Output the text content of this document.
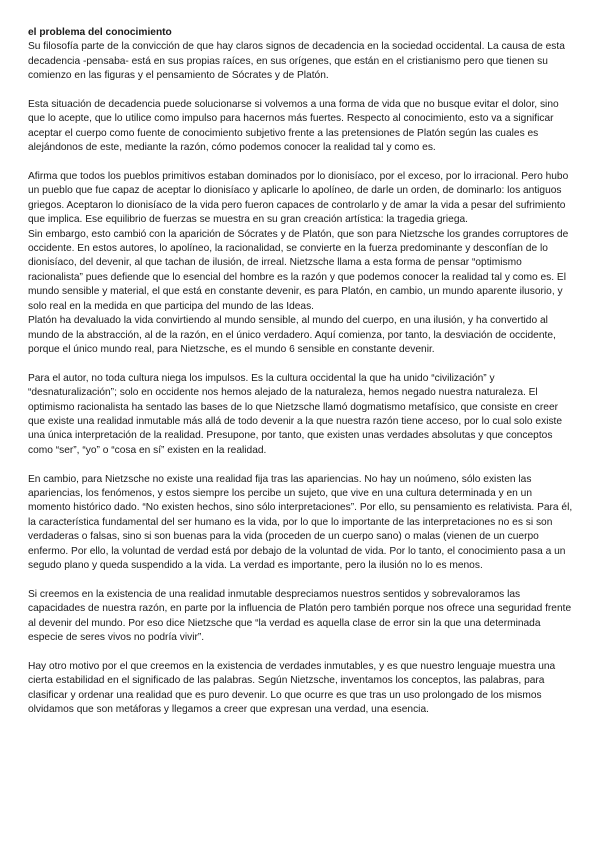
el problema del conocimiento

Su filosofía parte de la convicción de que hay claros signos de decadencia en la sociedad occidental. La causa de esta decadencia -pensaba- está en sus propias raíces, en sus orígenes, que están en el cristianismo pero que tienen su comienzo en las figuras y el pensamiento de Sócrates y de Platón.

Esta situación de decadencia puede solucionarse si volvemos a una forma de vida que no busque evitar el dolor, sino que lo acepte, que lo utilice como impulso para hacernos más fuertes. Respecto al conocimiento, esto va a significar aceptar el cuerpo como fuente de conocimiento subjetivo frente a las pretensiones de Platón según las cuales es alejándonos de este, mediante la razón, cómo podemos conocer la realidad tal y como es.

Afirma que todos los pueblos primitivos estaban dominados por lo dionisíaco, por el exceso, por lo irracional. Pero hubo un pueblo que fue capaz de aceptar lo dionisíaco y aplicarle lo apolíneo, de darle un orden, de dominarlo: los antiguos griegos. Aceptaron lo dionisíaco de la vida pero fueron capaces de controlarlo y de amar la vida a pesar del sufrimiento que implica. Ese equilibrio de fuerzas se muestra en su gran creación artística: la tragedia griega.

Sin embargo, esto cambió con la aparición de Sócrates y de Platón, que son para Nietzsche los grandes corruptores de occidente. En estos autores, lo apolíneo, la racionalidad, se convierte en la fuerza predominante y desconfían de lo dionisíaco, del devenir, al que tachan de ilusión, de irreal. Nietzsche llama a esta forma de pensar “optimismo racionalista” pues defiende que lo esencial del hombre es la razón y que podemos conocer la realidad tal y como es. El mundo sensible y material, el que está en constante devenir, es para Platón, en cambio, un mundo aparente ilusorio, y solo real en la medida en que participa del mundo de las Ideas.

Platón ha devaluado la vida convirtiendo al mundo sensible, al mundo del cuerpo, en una ilusión, y ha convertido al mundo de la abstracción, al de la razón, en el único verdadero. Aquí comienza, por tanto, la desviación de occidente, porque el único mundo real, para Nietzsche, es el mundo 6 sensible en constante devenir.

Para el autor, no toda cultura niega los impulsos. Es la cultura occidental la que ha unido “civilización” y “desnaturalización”; solo en occidente nos hemos alejado de la naturaleza, hemos negado nuestra naturaleza. El optimismo racionalista ha sentado las bases de lo que Nietzsche llamó dogmatismo metafísico, que consiste en creer que existe una realidad inmutable más allá de todo devenir a la que nuestra razón tiene acceso, por lo cual solo existe una única interpretación de la realidad. Presupone, por tanto, que existen unas verdades absolutas y que conceptos como “ser”, “yo” o “cosa en sí” existen en la realidad.

En cambio, para Nietzsche no existe una realidad fija tras las apariencias. No hay un noúmeno, sólo existen las apariencias, los fenómenos, y estos siempre los percibe un sujeto, que vive en una cultura determinada y en un momento histórico dado. “No existen hechos, sino sólo interpretaciones”. Por ello, su pensamiento es relativista. Para él, la característica fundamental del ser humano es la vida, por lo que lo importante de las interpretaciones no es si son verdaderas o falsas, sino si son buenas para la vida (proceden de un cuerpo sano) o malas (vienen de un cuerpo enfermo. Por ello, la voluntad de verdad está por debajo de la voluntad de vida. Por lo tanto, el conocimiento pasa a un segudo plano y queda suspendido a la vida. La verdad es importante, pero la ilusión no lo es menos.

Si creemos en la existencia de una realidad inmutable despreciamos nuestros sentidos y sobrevaloramos las capacidades de nuestra razón, en parte por la influencia de Platón pero también porque nos ofrece una seguridad frente al devenir del mundo. Por eso dice Nietzsche que “la verdad es aquella clase de error sin la que una determinada especie de seres vivos no podría vivir”.

Hay otro motivo por el que creemos en la existencia de verdades inmutables, y es que nuestro lenguaje muestra una cierta estabilidad en el significado de las palabras. Según Nietzsche, inventamos los conceptos, las palabras, para clasificar y ordenar una realidad que es puro devenir. Lo que ocurre es que tras un uso prolongado de los mismos olvidamos que son metáforas y llegamos a creer que expresan una verdad, una esencia.
